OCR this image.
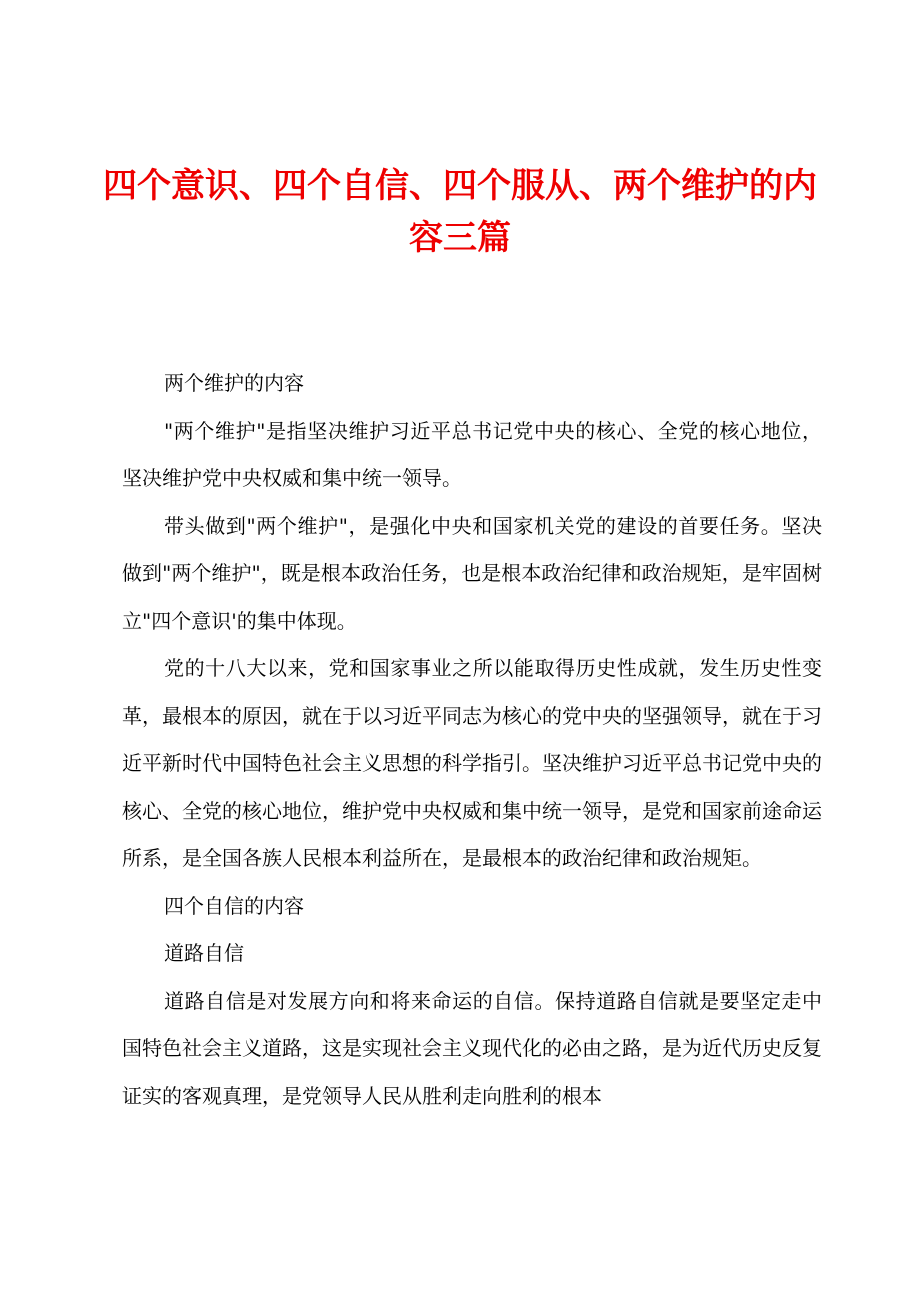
四个意识、四个自信、四个服从、两个维护的内容三篇

两个维护的内容

"两个维护"是指坚决维护习近平总书记党中央的核心、全党的核心地位，坚决维护党中央权威和集中统一领导。

带头做到"两个维护"，是强化中央和国家机关党的建设的首要任务。坚决做到"两个维护"，既是根本政治任务，也是根本政治纪律和政治规矩，是牢固树立"四个意识'的集中体现。

党的十八大以来，党和国家事业之所以能取得历史性成就，发生历史性变革，最根本的原因，就在于以习近平同志为核心的党中央的坚强领导，就在于习近平新时代中国特色社会主义思想的科学指引。坚决维护习近平总书记党中央的核心、全党的核心地位，维护党中央权威和集中统一领导，是党和国家前途命运所系，是全国各族人民根本利益所在，是最根本的政治纪律和政治规矩。

四个自信的内容

道路自信

道路自信是对发展方向和将来命运的自信。保持道路自信就是要坚定走中国特色社会主义道路，这是实现社会主义现代化的必由之路，是为近代历史反复证实的客观真理，是党领导人民从胜利走向胜利的根本
